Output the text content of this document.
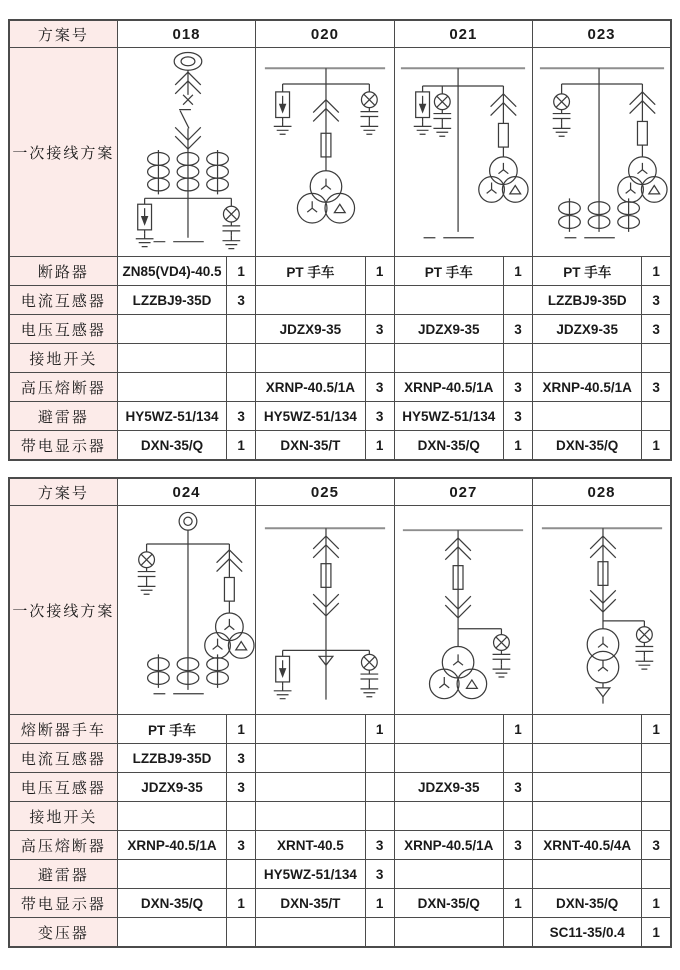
方案号	018		020		021		023	
一次接线方案	

断路器	ZN85(VD4)-40.5	1	PT 手车	1	PT 手车	1	PT 手车	1
电流互感器	LZZBJ9-35D	3					LZZBJ9-35D	3
电压互感器			JDZX9-35	3	JDZX9-35	3	JDZX9-35	3
接地开关								
高压熔断器			XRNP-40.5/1A	3	XRNP-40.5/1A	3	XRNP-40.5/1A	3
避雷器	HY5WZ-51/134	3	HY5WZ-51/134	3	HY5WZ-51/134	3		
带电显示器	DXN-35/Q	1	DXN-35/T	1	DXN-35/Q	1	DXN-35/Q	1
方案号	024		025		027		028	
一次接线方案	

熔断器手车	PT 手车	1		1		1		1
电流互感器	LZZBJ9-35D	3						
电压互感器	JDZX9-35	3			JDZX9-35	3		
接地开关								
高压熔断器	XRNP-40.5/1A	3	XRNT-40.5	3	XRNP-40.5/1A	3	XRNT-40.5/4A	3
避雷器			HY5WZ-51/134	3				
带电显示器	DXN-35/Q	1	DXN-35/T	1	DXN-35/Q	1	DXN-35/Q	1
变压器							SC11-35/0.4	1
